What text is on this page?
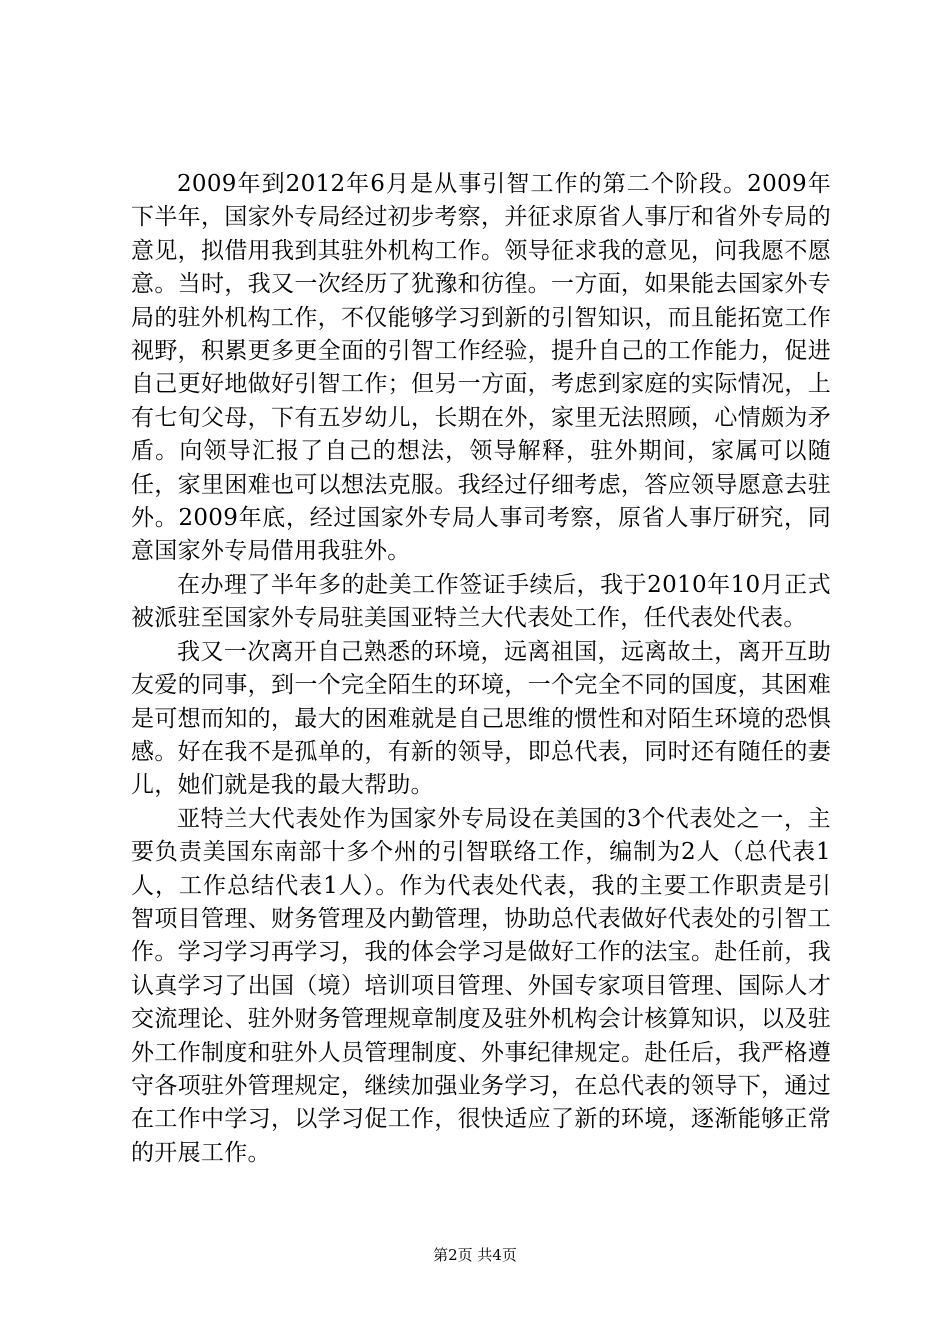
2009年到2012年6月是从事引智工作的第二个阶段。2009年下半年，国家外专局经过初步考察，并征求原省人事厅和省外专局的意见，拟借用我到其驻外机构工作。领导征求我的意见，问我愿不愿意。当时，我又一次经历了犹豫和彷徨。一方面，如果能去国家外专局的驻外机构工作，不仅能够学习到新的引智知识，而且能拓宽工作视野，积累更多更全面的引智工作经验，提升自己的工作能力，促进自己更好地做好引智工作；但另一方面，考虑到家庭的实际情况，上有七旬父母，下有五岁幼儿，长期在外，家里无法照顾，心情颇为矛盾。向领导汇报了自己的想法，领导解释，驻外期间，家属可以随任，家里困难也可以想法克服。我经过仔细考虑，答应领导愿意去驻外。2009年底，经过国家外专局人事司考察，原省人事厅研究，同意国家外专局借用我驻外。

在办理了半年多的赴美工作签证手续后，我于2010年10月正式被派驻至国家外专局驻美国亚特兰大代表处工作，任代表处代表。

我又一次离开自己熟悉的环境，远离祖国，远离故土，离开互助友爱的同事，到一个完全陌生的环境，一个完全不同的国度，其困难是可想而知的，最大的困难就是自己思维的惯性和对陌生环境的恐惧感。好在我不是孤单的，有新的领导，即总代表，同时还有随任的妻儿，她们就是我的最大帮助。

亚特兰大代表处作为国家外专局设在美国的3个代表处之一，主要负责美国东南部十多个州的引智联络工作，编制为2人（总代表1人，工作总结代表1人）。作为代表处代表，我的主要工作职责是引智项目管理、财务管理及内勤管理，协助总代表做好代表处的引智工作。学习学习再学习，我的体会学习是做好工作的法宝。赴任前，我认真学习了出国（境）培训项目管理、外国专家项目管理、国际人才交流理论、驻外财务管理规章制度及驻外机构会计核算知识，以及驻外工作制度和驻外人员管理制度、外事纪律规定。赴任后，我严格遵守各项驻外管理规定，继续加强业务学习，在总代表的领导下，通过在工作中学习，以学习促工作，很快适应了新的环境，逐渐能够正常的开展工作。

第2页 共4页
